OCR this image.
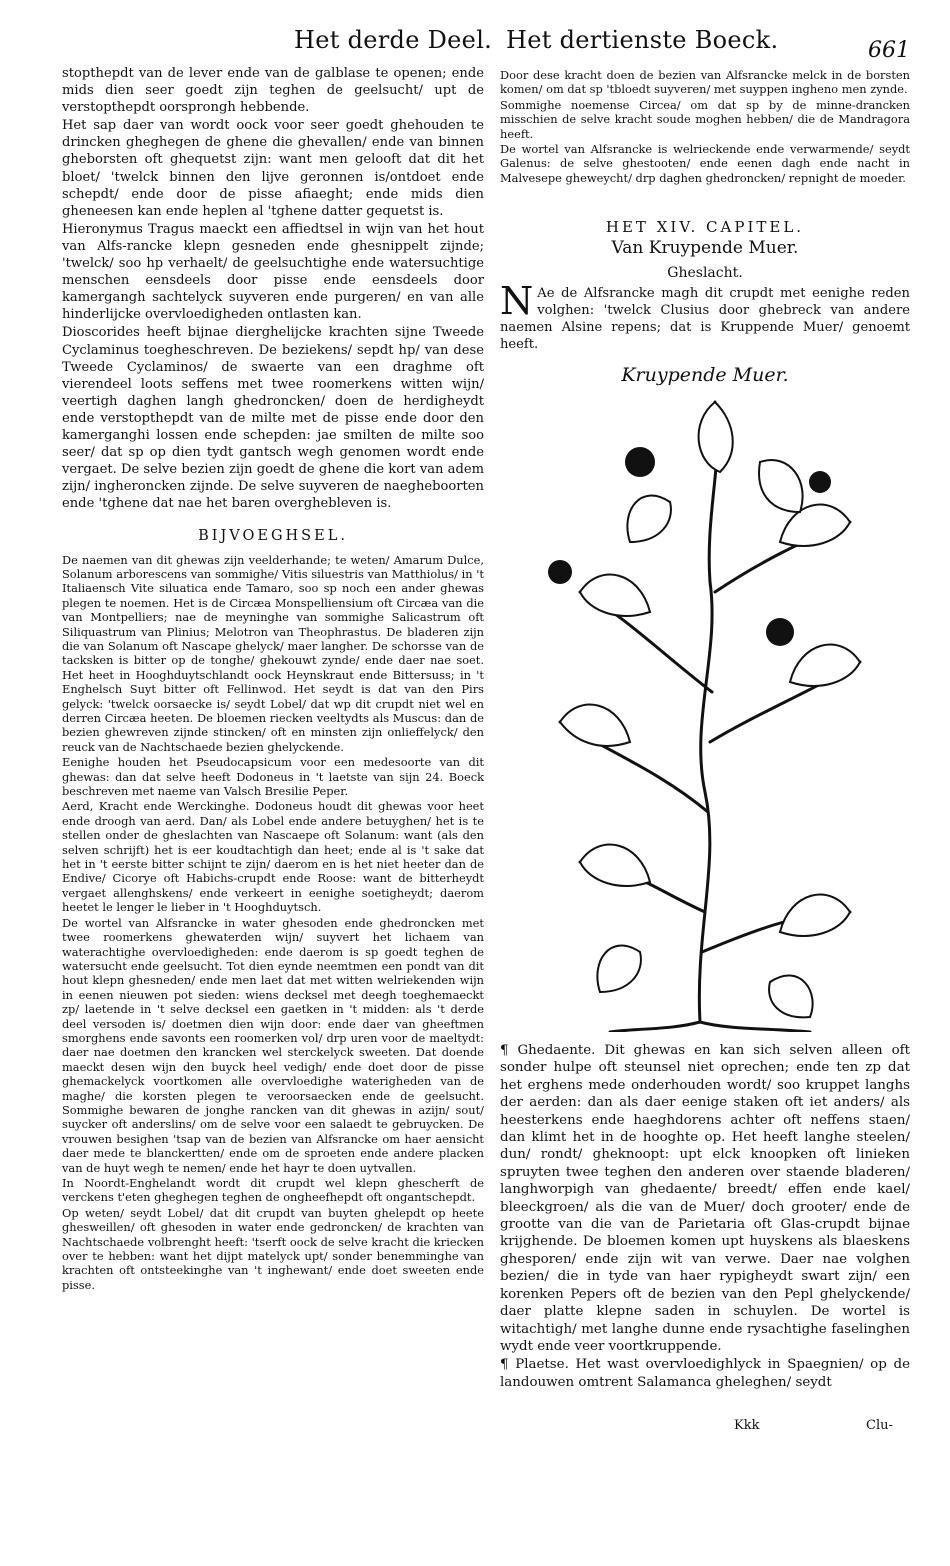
Het derde Deel. Het dertienste Boeck.	661

stopthepdt van de lever ende van de galblase te openen; ende mids dien seer goedt zijn teghen de geelsucht/ upt de verstopthepdt oorsprongh hebbende.

Het sap daer van wordt oock voor seer goedt ghehouden te drincken gheghegen de ghene die ghevallen/ ende van binnen gheborsten oft ghequetst zijn: want men gelooft dat dit het bloet/ 'twelck binnen den lijve geronnen is/ontdoet ende schepdt/ ende door de pisse afiaeght; ende mids dien gheneesen kan ende heplen al 'tghene datter gequetst is.

Hieronymus Tragus maeckt een affiedtsel in wijn van het hout van Alfs-rancke klepn gesneden ende ghesnippelt zijnde; 'twelck/ soo hp verhaelt/ de geelsuchtighe ende watersuchtige menschen eensdeels door pisse ende eensdeels door kamergangh sachtelyck suyveren ende purgeren/ en van alle hinderlijcke overvloedigheden ontlasten kan.

Dioscorides heeft bijnae dierghelijcke krachten sijne Tweede Cyclaminus toegheschreven. De beziekens/ sepdt hp/ van dese Tweede Cyclaminos/ de swaerte van een draghme oft vierendeel loots seffens met twee roomerkens witten wijn/ veertigh daghen langh ghedroncken/ doen de herdigheydt ende verstopthepdt van de milte met de pisse ende door den kamerganghi lossen ende schepden: jae smilten de milte soo seer/ dat sp op dien tydt gantsch wegh genomen wordt ende vergaet. De selve bezien zijn goedt de ghene die kort van adem zijn/ ingheroncken zijnde. De selve suyveren de naegheboorten ende 'tghene dat nae het baren overghebleven is.

BIJVOEGHSEL.

De naemen van dit ghewas zijn veelderhande; te weten/ Amarum Dulce, Solanum arborescens van sommighe/ Vitis siluestris van Matthiolus/ in 't Italiaensch Vite siluatica ende Tamaro, soo sp noch een ander ghewas plegen te noemen. Het is de Circæa Monspelliensium oft Circæa van die van Montpelliers; nae de meyninghe van sommighe Salicastrum oft Siliquastrum van Plinius; Melotron van Theophrastus. De bladeren zijn die van Solanum oft Nascape ghelyck/ maer langher. De schorsse van de tacksken is bitter op de tonghe/ ghekouwt zynde/ ende daer nae soet. Het heet in Hooghduytschlandt oock Heynskraut ende Bittersuss; in 't Enghelsch Suyt bitter oft Fellinwod. Het seydt is dat van den Pirs gelyck: 'twelck oorsaecke is/ seydt Lobel/ dat wp dit crupdt niet wel en derren Circæa heeten. De bloemen riecken veeltydts als Muscus: dan de bezien ghewreven zijnde stincken/ oft en minsten zijn onlieffelyck/ den reuck van de Nachtschaede bezien ghelyckende.

Eenighe houden het Pseudocapsicum voor een medesoorte van dit ghewas: dan dat selve heeft Dodoneus in 't laetste van sijn 24. Boeck beschreven met naeme van Valsch Bresilie Peper.

Aerd, Kracht ende Werckinghe. Dodoneus houdt dit ghewas voor heet ende droogh van aerd. Dan/ als Lobel ende andere betuyghen/ het is te stellen onder de gheslachten van Nascaepe oft Solanum: want (als den selven schrijft) het is eer koudtachtigh dan heet; ende al is 't sake dat het in 't eerste bitter schijnt te zijn/ daerom en is het niet heeter dan de Endive/ Cicorye oft Habichs-crupdt ende Roose: want de bitterheydt vergaet allenghskens/ ende verkeert in eenighe soetigheydt; daerom heetet le lenger le lieber in 't Hooghduytsch.

De wortel van Alfsrancke in water ghesoden ende ghedroncken met twee roomerkens ghewaterden wijn/ suyvert het lichaem van waterachtighe overvloedigheden: ende daerom is sp goedt teghen de watersucht ende geelsucht. Tot dien eynde neemtmen een pondt van dit hout klepn ghesneden/ ende men laet dat met witten welriekenden wijn in eenen nieuwen pot sieden: wiens decksel met deegh toeghemaeckt zp/ laetende in 't selve decksel een gaetken in 't midden: als 't derde deel versoden is/ doetmen dien wijn door: ende daer van gheeftmen smorghens ende savonts een roomerken vol/ drp uren voor de maeltydt: daer nae doetmen den krancken wel sterckelyck sweeten. Dat doende maeckt desen wijn den buyck heel vedigh/ ende doet door de pisse ghemackelyck voortkomen alle overvloedighe waterigheden van de maghe/ die korsten plegen te veroorsaecken ende de geelsucht. Sommighe bewaren de jonghe rancken van dit ghewas in azijn/ sout/ suycker oft anderslins/ om de selve voor een salaedt te gebruycken. De vrouwen besighen 'tsap van de bezien van Alfsrancke om haer aensicht daer mede te blanckertten/ ende om de sproeten ende andere placken van de huyt wegh te nemen/ ende het hayr te doen uytvallen.

In Noordt-Enghelandt wordt dit crupdt wel klepn ghescherft de verckens t'eten gheghegen teghen de ongheefhepdt oft ongantschepdt.

Op weten/ seydt Lobel/ dat dit crupdt van buyten ghelepdt op heete ghesweillen/ oft ghesoden in water ende gedroncken/ de krachten van Nachtschaede volbrenght heeft: 'tserft oock de selve kracht die kriecken over te hebben: want het dijpt matelyck upt/ sonder benemminghe van krachten oft ontsteekinghe van 't inghewant/ ende doet sweeten ende pisse.

Door dese kracht doen de bezien van Alfsrancke melck in de borsten komen/ om dat sp 'tbloedt suyveren/ met suyppen ingheno men zynde.

Sommighe noemense Circea/ om dat sp by de minne-drancken misschien de selve kracht soude moghen hebben/ die de Mandragora heeft.

De wortel van Alfsrancke is welrieckende ende verwarmende/ seydt Galenus: de selve ghestooten/ ende eenen dagh ende nacht in Malvesepe gheweycht/ drp daghen ghedroncken/ repnight de moeder.

HET XIV. CAPITEL.
Van Kruypende Muer.
Gheslacht.

N Ae de Alfsrancke magh dit crupdt met eenighe reden volghen: 'twelck Clusius door ghebreck van andere naemen Alsine repens; dat is Kruppende Muer/ genoemt heeft.

Kruypende Muer.

¶ Ghedaente. Dit ghewas en kan sich selven alleen oft sonder hulpe oft steunsel niet oprechen; ende ten zp dat het erghens mede onderhouden wordt/ soo kruppet langhs der aerden: dan als daer eenige staken oft iet anders/ als heesterkens ende haeghdorens achter oft neffens staen/ dan klimt het in de hooghte op. Het heeft langhe steelen/ dun/ rondt/ gheknoopt: upt elck knoopken oft linieken spruyten twee teghen den anderen over staende bladeren/ langhworpigh van ghedaente/ breedt/ effen ende kael/ bleeckgroen/ als die van de Muer/ doch grooter/ ende de grootte van die van de Parietaria oft Glas-crupdt bijnae krijghende. De bloemen komen upt huyskens als blaeskens ghesporen/ ende zijn wit van verwe. Daer nae volghen bezien/ die in tyde van haer rypigheydt swart zijn/ een korenken Pepers oft de bezien van den Pepl ghelyckende/ daer platte klepne saden in schuylen. De wortel is witachtigh/ met langhe dunne ende rysachtighe faselinghen wydt ende veer voortkruppende.

¶ Plaetse. Het wast overvloedighlyck in Spaegnien/ op de landouwen omtrent Salamanca gheleghen/ seydt

Kkk	Clu-
